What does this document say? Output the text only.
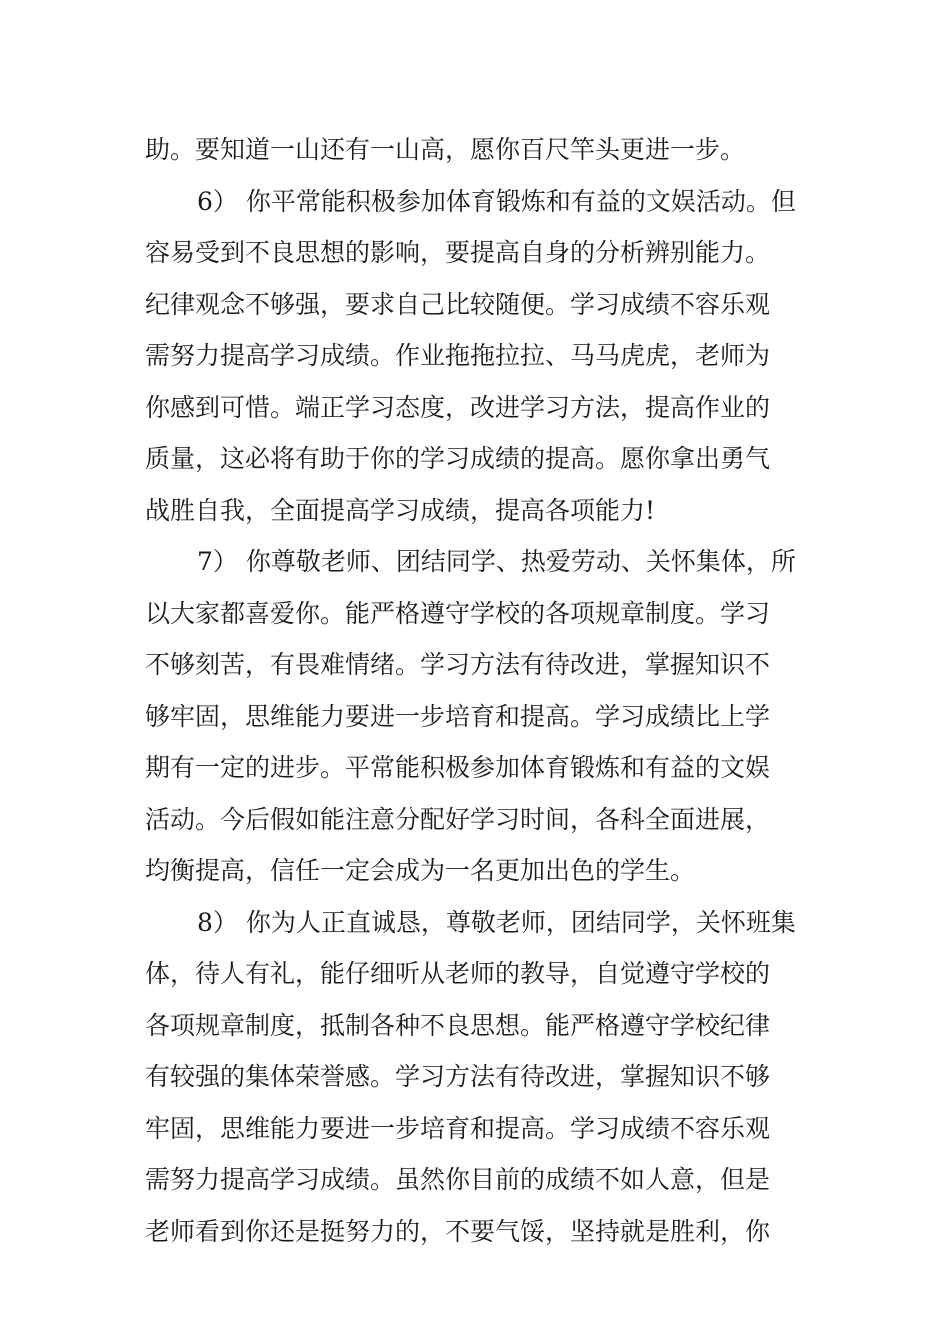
助。要知道一山还有一山高，愿你百尺竿头更进一步。
6） 你平常能积极参加体育锻炼和有益的文娱活动。但
容易受到不良思想的影响，要提高自身的分析辨别能力。
纪律观念不够强，要求自己比较随便。学习成绩不容乐观
需努力提高学习成绩。作业拖拖拉拉、马马虎虎，老师为
你感到可惜。端正学习态度，改进学习方法，提高作业的
质量，这必将有助于你的学习成绩的提高。愿你拿出勇气
战胜自我，全面提高学习成绩，提高各项能力!
7） 你尊敬老师、团结同学、热爱劳动、关怀集体，所
以大家都喜爱你。能严格遵守学校的各项规章制度。学习
不够刻苦，有畏难情绪。学习方法有待改进，掌握知识不
够牢固，思维能力要进一步培育和提高。学习成绩比上学
期有一定的进步。平常能积极参加体育锻炼和有益的文娱
活动。今后假如能注意分配好学习时间，各科全面进展，
均衡提高，信任一定会成为一名更加出色的学生。
8） 你为人正直诚恳，尊敬老师，团结同学，关怀班集
体，待人有礼，能仔细听从老师的教导，自觉遵守学校的
各项规章制度，抵制各种不良思想。能严格遵守学校纪律
有较强的集体荣誉感。学习方法有待改进，掌握知识不够
牢固，思维能力要进一步培育和提高。学习成绩不容乐观
需努力提高学习成绩。虽然你目前的成绩不如人意，但是
老师看到你还是挺努力的，不要气馁，坚持就是胜利，你
